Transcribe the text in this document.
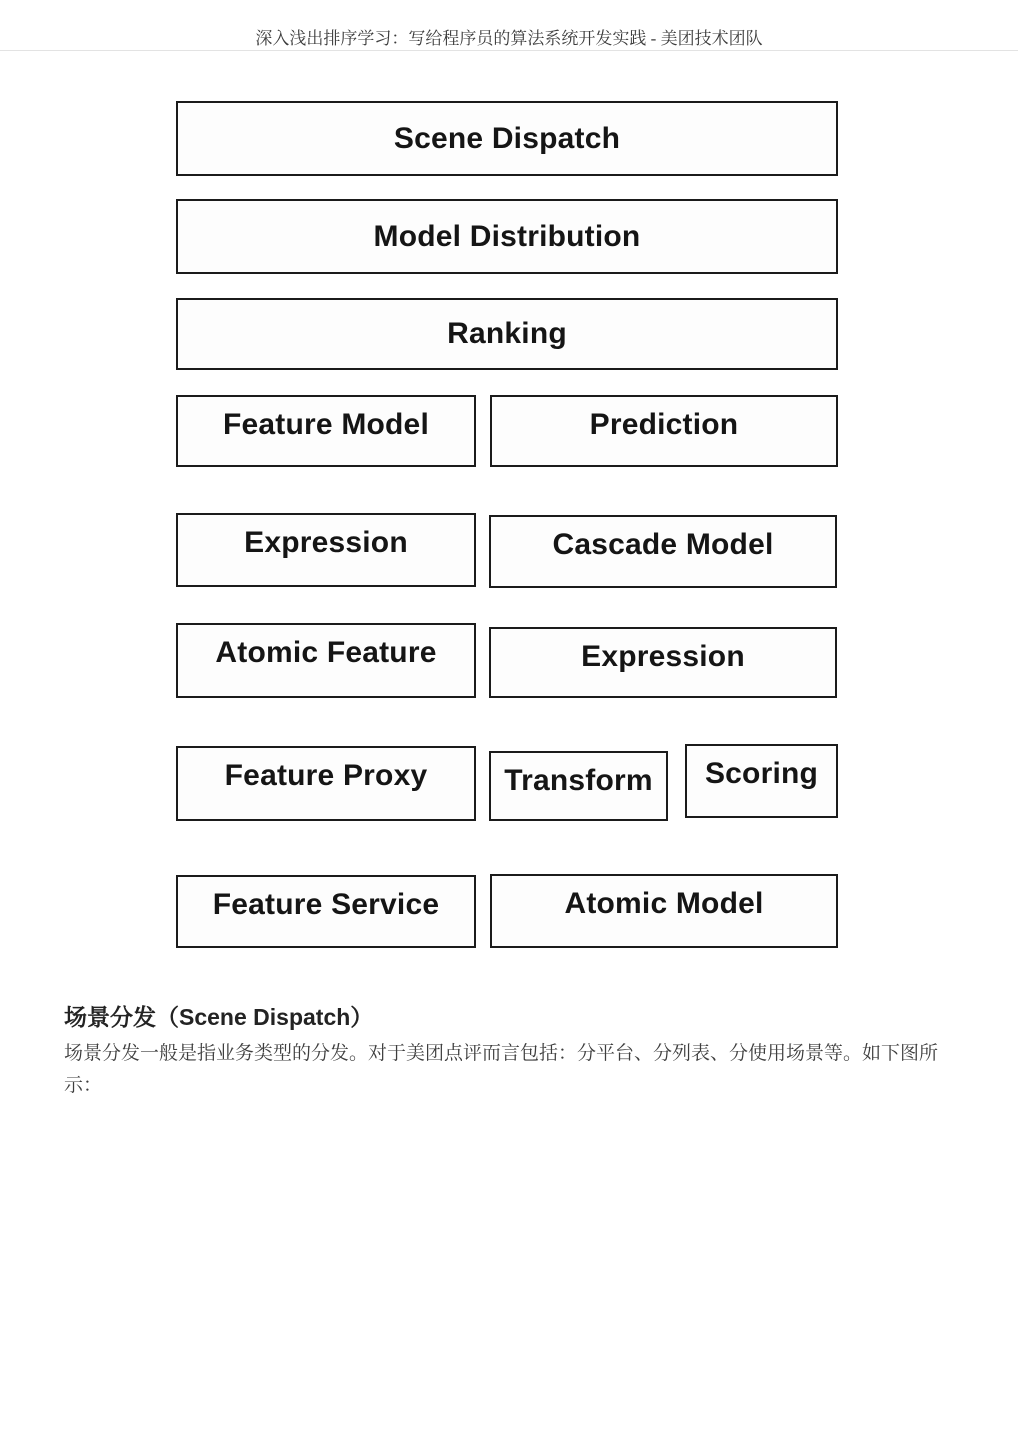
深入浅出排序学习：写给程序员的算法系统开发实践 - 美团技术团队
Scene Dispatch
Model Distribution
Ranking
Feature Model	Prediction
Expression	Cascade Model
Atomic Feature	Expression
Feature Proxy	Transform Scoring
Feature Service	Atomic Model
场景分发（Scene Dispatch）

场景分发一般是指业务类型的分发。对于美团点评而言包括：分平台、分列表、分使用场景等。如下图所示：
